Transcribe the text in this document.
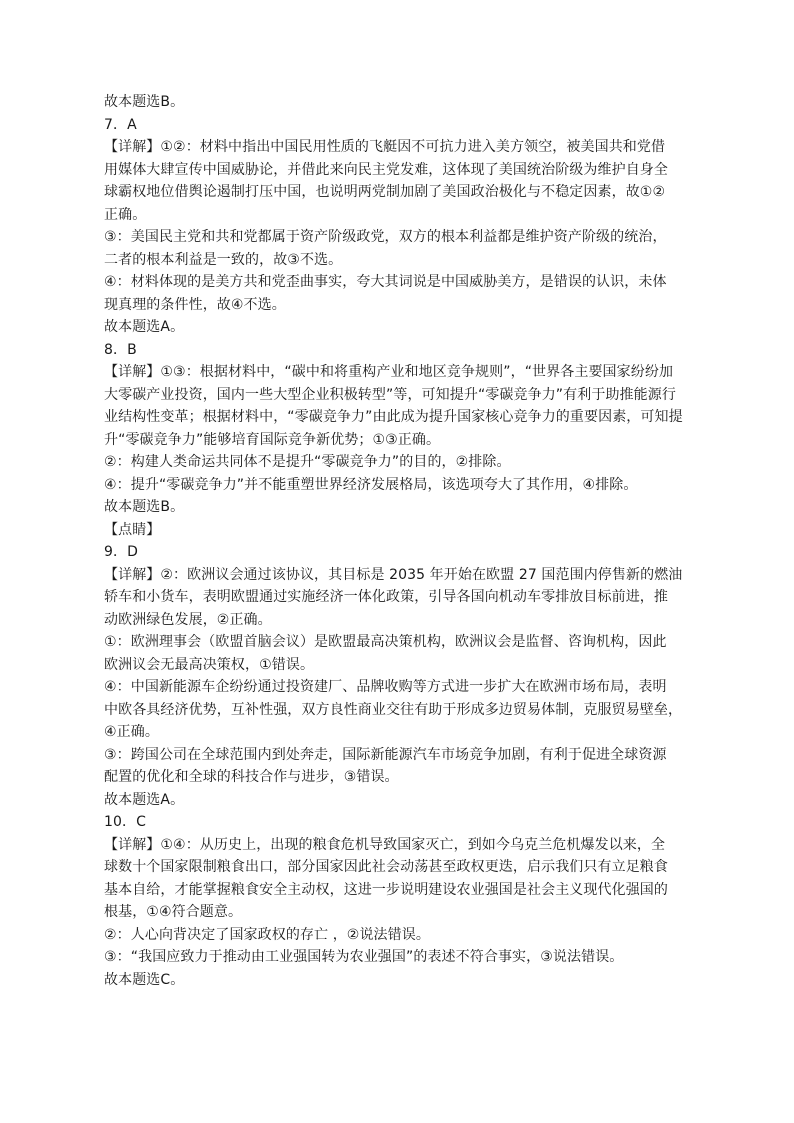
故本题选B。
7．A
【详解】①②：材料中指出中国民用性质的飞艇因不可抗力进入美方领空，被美国共和党借
用媒体大肆宣传中国威胁论，并借此来向民主党发难，这体现了美国统治阶级为维护自身全
球霸权地位借舆论遏制打压中国，也说明两党制加剧了美国政治极化与不稳定因素，故①②
正确。
③：美国民主党和共和党都属于资产阶级政党，双方的根本利益都是维护资产阶级的统治，
二者的根本利益是一致的，故③不选。
④：材料体现的是美方共和党歪曲事实，夸大其词说是中国威胁美方，是错误的认识，未体
现真理的条件性，故④不选。
故本题选A。
8．B
【详解】①③：根据材料中，“碳中和将重构产业和地区竞争规则”，“世界各主要国家纷纷加
大零碳产业投资，国内一些大型企业积极转型”等，可知提升“零碳竞争力”有利于助推能源行
业结构性变革；根据材料中，“零碳竞争力”由此成为提升国家核心竞争力的重要因素，可知提
升“零碳竞争力”能够培育国际竞争新优势；①③正确。
②：构建人类命运共同体不是提升“零碳竞争力”的目的，②排除。
④：提升“零碳竞争力”并不能重塑世界经济发展格局，该选项夸大了其作用，④排除。
故本题选B。
【点睛】
9．D
【详解】②：欧洲议会通过该协议，其目标是 2035 年开始在欧盟 27 国范围内停售新的燃油
轿车和小货车，表明欧盟通过实施经济一体化政策，引导各国向机动车零排放目标前进，推
动欧洲绿色发展，②正确。
①：欧洲理事会（欧盟首脑会议）是欧盟最高决策机构，欧洲议会是监督、咨询机构，因此
欧洲议会无最高决策权，①错误。
④：中国新能源车企纷纷通过投资建厂、品牌收购等方式进一步扩大在欧洲市场布局，表明
中欧各具经济优势，互补性强，双方良性商业交往有助于形成多边贸易体制，克服贸易壁垒，
④正确。
③：跨国公司在全球范围内到处奔走，国际新能源汽车市场竞争加剧，有利于促进全球资源
配置的优化和全球的科技合作与进步，③错误。
故本题选A。
10．C
【详解】①④：从历史上，出现的粮食危机导致国家灭亡，到如今乌克兰危机爆发以来，全
球数十个国家限制粮食出口，部分国家因此社会动荡甚至政权更迭，启示我们只有立足粮食
基本自给，才能掌握粮食安全主动权，这进一步说明建设农业强国是社会主义现代化强国的
根基，①④符合题意。
②：人心向背决定了国家政权的存亡 ，②说法错误。
③：“我国应致力于推动由工业强国转为农业强国”的表述不符合事实，③说法错误。
故本题选C。
